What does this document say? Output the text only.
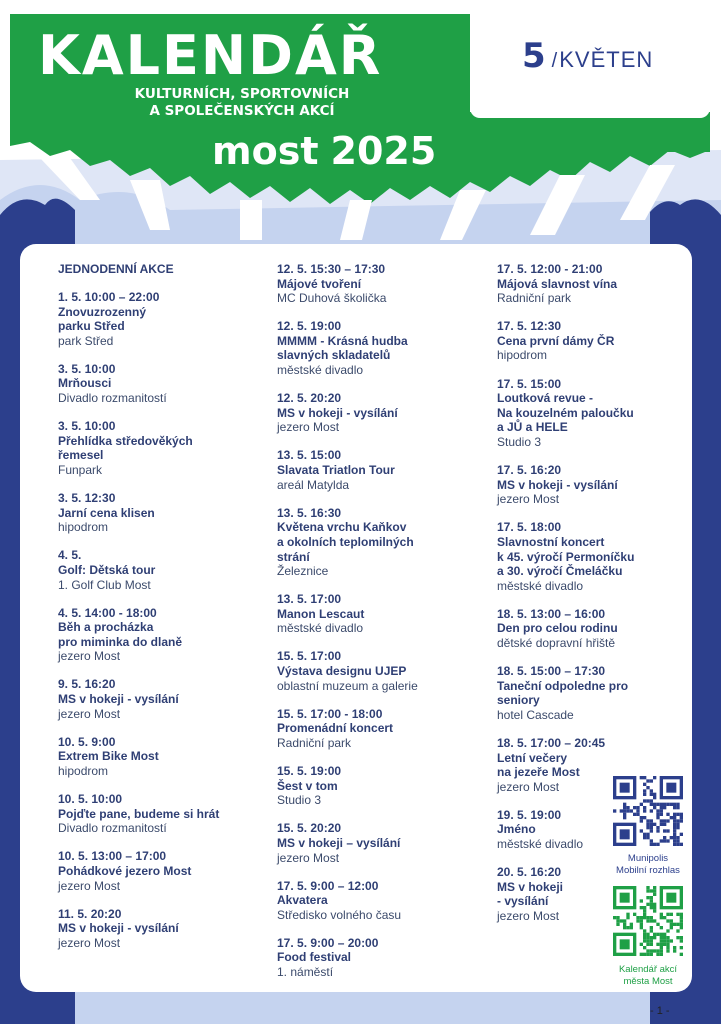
KALENDÁŘ
KULTURNÍCH, SPORTOVNÍCH
A SPOLEČENSKÝCH AKCÍ
most 2025
5 /KVĚTEN
JEDNODENNÍ AKCE
1. 5. 10:00 – 22:00
Znovuzrozenný
parku Střed
park Střed
3. 5. 10:00
Mrňousci
Divadlo rozmanitostí
3. 5. 10:00
Přehlídka středověkých
řemesel
Funpark
3. 5. 12:30
Jarní cena klisen
hipodrom
4. 5.
Golf: Dětská tour
1. Golf Club Most
4. 5. 14:00 - 18:00
Běh a procházka
pro miminka do dlaně
jezero Most
9. 5. 16:20
MS v hokeji - vysílání
jezero Most
10. 5. 9:00
Extrem Bike Most
hipodrom
10. 5. 10:00
Pojďte pane, budeme si hrát
Divadlo rozmanitostí
10. 5. 13:00 – 17:00
Pohádkové jezero Most
jezero Most
11. 5. 20:20
MS v hokeji - vysílání
jezero Most
12. 5. 15:30 – 17:30
Májové tvoření
MC Duhová školička
12. 5. 19:00
MMMM - Krásná hudba
slavných skladatelů
městské divadlo
12. 5. 20:20
MS v hokeji - vysílání
jezero Most
13. 5. 15:00
Slavata Triatlon Tour
areál Matylda
13. 5. 16:30
Květena vrchu Kaňkov
a okolních teplomilných
strání
Železnice
13. 5. 17:00
Manon Lescaut
městské divadlo
15. 5. 17:00
Výstava designu UJEP
oblastní muzeum a galerie
15. 5. 17:00 - 18:00
Promenádní koncert
Radniční park
15. 5. 19:00
Šest v tom
Studio 3
15. 5. 20:20
MS v hokeji – vysílání
jezero Most
17. 5. 9:00 – 12:00
Akvatera
Středisko volného času
17. 5. 9:00 – 20:00
Food festival
1. náměstí
17. 5. 12:00 - 21:00
Májová slavnost vína
Radniční park
17. 5. 12:30
Cena první dámy ČR
hipodrom
17. 5. 15:00
Loutková revue -
Na kouzelném paloučku
a JŮ a HELE
Studio 3
17. 5. 16:20
MS v hokeji - vysílání
jezero Most
17. 5. 18:00
Slavnostní koncert
k 45. výročí Permoníčku
a 30. výročí Čmeláčku
městské divadlo
18. 5. 13:00 – 16:00
Den pro celou rodinu
dětské dopravní hřiště
18. 5. 15:00 – 17:30
Taneční odpoledne pro
seniory
hotel Cascade
18. 5. 17:00 – 20:45
Letní večery
na jezeře Most
jezero Most
19. 5. 19:00
Jméno
městské divadlo
20. 5. 16:20
MS v hokeji
- vysílání
jezero Most
Munipolis
Mobilní rozhlas
Kalendář akcí
města Most
- 1 -
